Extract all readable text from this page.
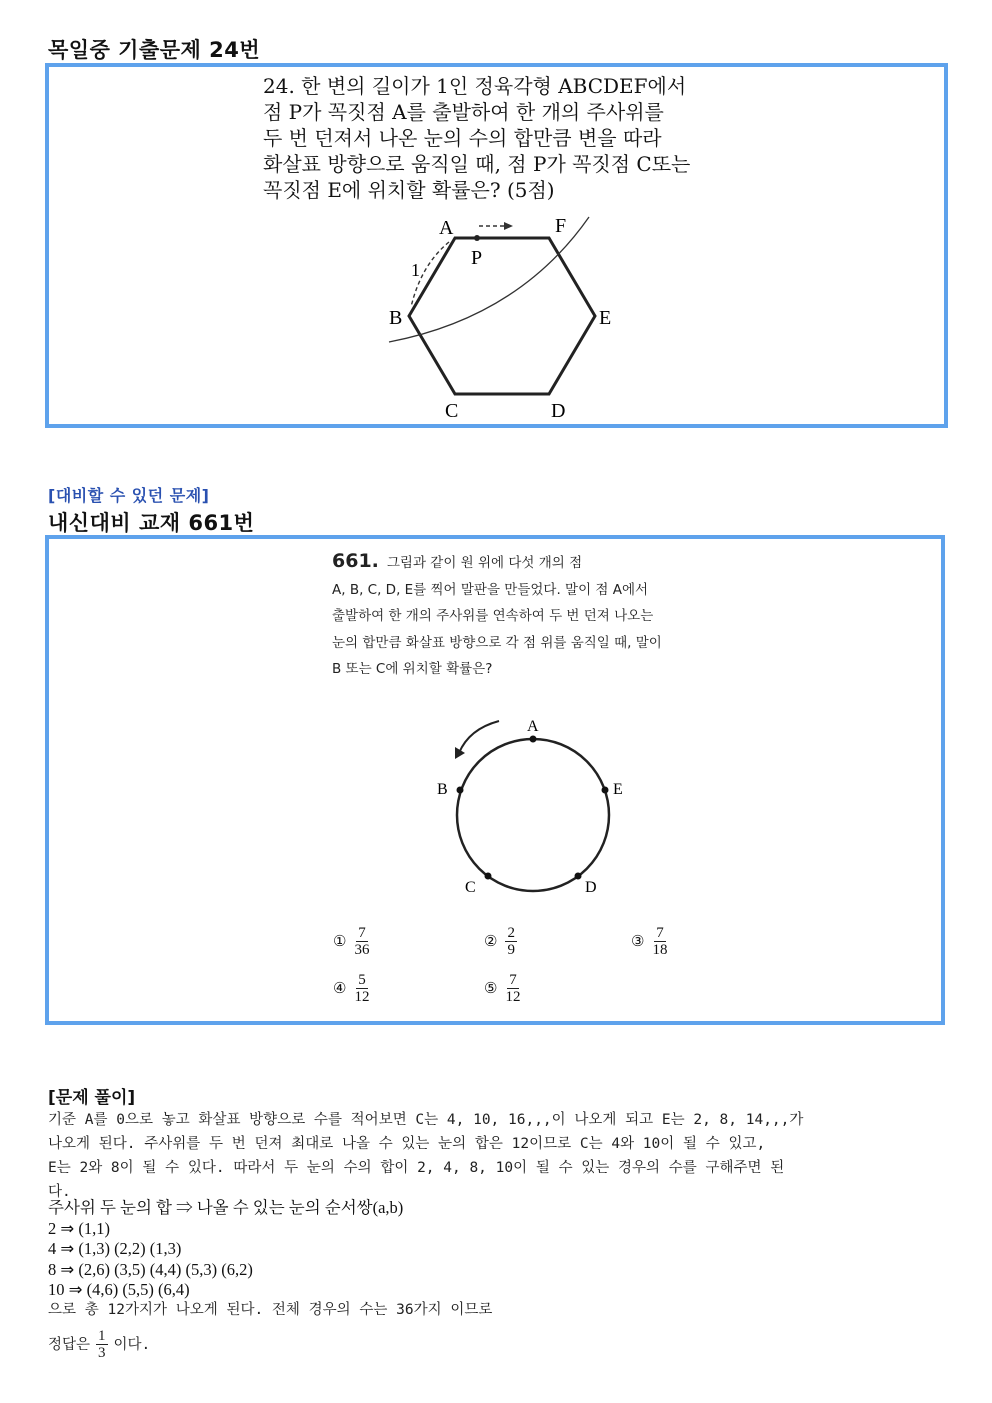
목일중 기출문제 24번
24. 한 변의 길이가 1인 정육각형 ABCDEF에서
점 P가 꼭짓점 A를 출발하여 한 개의 주사위를
두 번 던져서 나온 눈의 수의 합만큼 변을 따라
화살표 방향으로 움직일 때, 점 P가 꼭짓점 C또는
꼭짓점 E에 위치할 확률은? (5점)
A	F
P
1
B	E
C	D
[대비할 수 있던 문제]
내신대비 교재 661번
661. 그림과 같이 원 위에 다섯 개의 점
A, B, C, D, E를 찍어 말판을 만들었다. 말이 점 A에서
출발하여 한 개의 주사위를 연속하여 두 번 던져 나오는
눈의 합만큼 화살표 방향으로 각 점 위를 움직일 때, 말이
B 또는 C에 위치할 확률은?
A
B	E
C	D
① $\frac{7}{36}$	② $\frac{2}{9}$	③ $\frac{7}{18}$
④ $\frac{5}{12}$	⑤ $\frac{7}{12}$
[문제 풀이]
기준 A를 0으로 놓고 화살표 방향으로 수를 적어보면 C는 4, 10, 16,,,이 나오게 되고 E는 2, 8, 14,,,가
나오게 된다. 주사위를 두 번 던져 최대로 나올 수 있는 눈의 합은 12이므로 C는 4와 10이 될 수 있고,
E는 2와 8이 될 수 있다. 따라서 두 눈의 수의 합이 2, 4, 8, 10이 될 수 있는 경우의 수를 구해주면 된
다.
주사위 두 눈의 합 ⇒ 나올 수 있는 눈의 순서쌍(a,b)
2 ⇒ (1,1)
4 ⇒ (1,3) (2,2) (1,3)
8 ⇒ (2,6) (3,5) (4,4) (5,3) (6,2)
10 ⇒ (4,6) (5,5) (6,4)
으로 총 12가지가 나오게 된다. 전체 경우의 수는 36가지 이므로
정답은 $\frac{1}{3}$ 이다.
